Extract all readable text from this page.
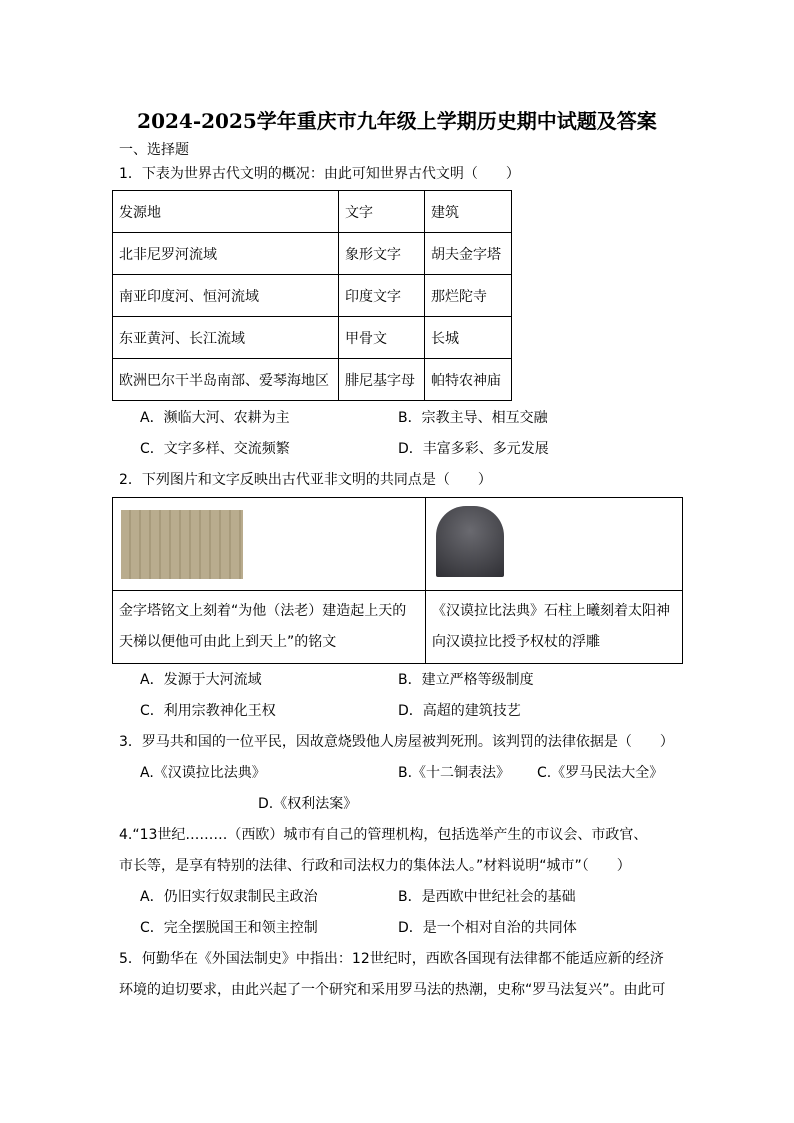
2024-2025学年重庆市九年级上学期历史期中试题及答案
一、选择题
1．下表为世界古代文明的概况：由此可知世界古代文明（　　）
发源地	文字	建筑
北非尼罗河流域	象形文字	胡夫金字塔
南亚印度河、恒河流域	印度文字	那烂陀寺
东亚黄河、长江流域	甲骨文	长城
欧洲巴尔干半岛南部、爱琴海地区	腓尼基字母	帕特农神庙
A．濒临大河、农耕为主	B．宗教主导、相互交融
C．文字多样、交流频繁	D．丰富多彩、多元发展
2．下列图片和文字反映出古代亚非文明的共同点是（　　）

金字塔铭文上刻着“为他（法老）建造起上天的天梯以便他可由此上到天上”的铭文	《汉谟拉比法典》石柱上曦刻着太阳神向汉谟拉比授予权杖的浮雕
A．发源于大河流域	B．建立严格等级制度
C．利用宗教神化王权	D．高超的建筑技艺
3．罗马共和国的一位平民，因故意烧毁他人房屋被判死刑。该判罚的法律依据是（　　）
A.《汉谟拉比法典》	B.《十二铜表法》 C.《罗马民法大全》
D.《权利法案》
4.“13世纪………（西欧）城市有自己的管理机构，包括选举产生的市议会、市政官、
市长等，是享有特别的法律、行政和司法权力的集体法人。”材料说明“城市”（　　）
A．仍旧实行奴隶制民主政治	B．是西欧中世纪社会的基础
C．完全摆脱国王和领主控制	D．是一个相对自治的共同体
5．何勤华在《外国法制史》中指出：12世纪时，西欧各国现有法律都不能适应新的经济
环境的迫切要求，由此兴起了一个研究和采用罗马法的热潮，史称“罗马法复兴”。由此可
